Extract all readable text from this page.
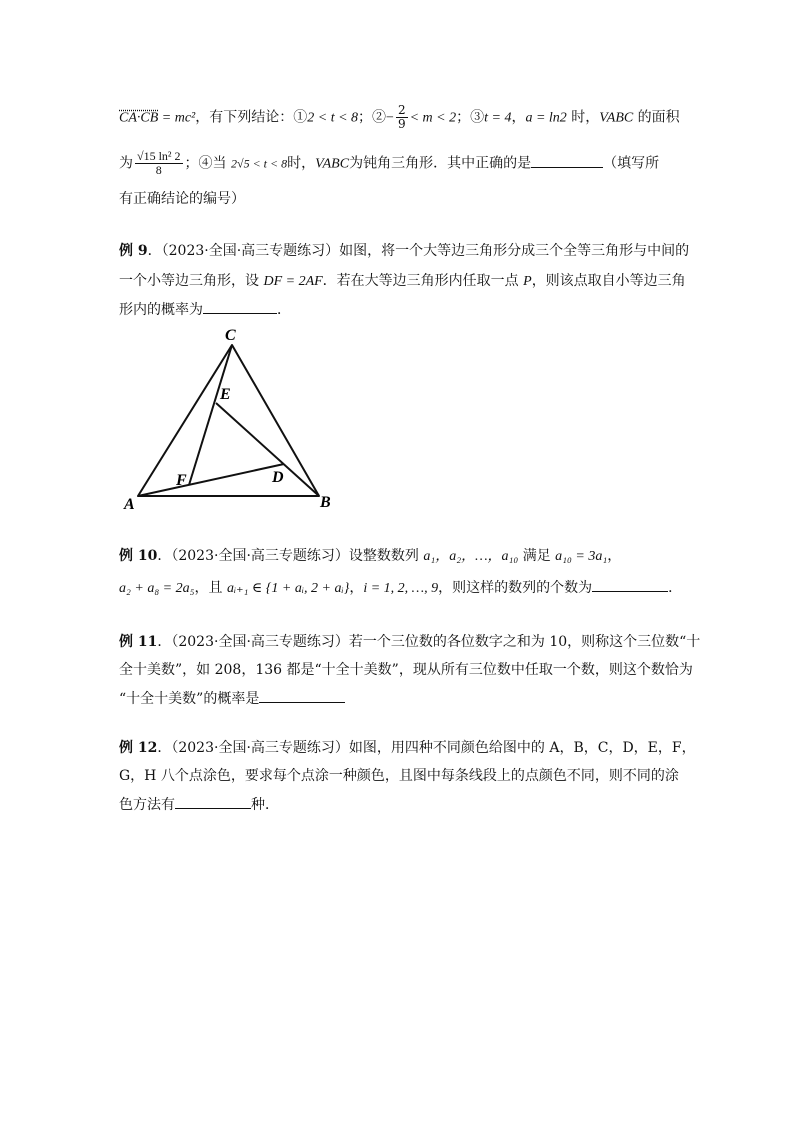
CA·CB = mc²，有下列结论：①2 < t < 8；②− $\frac{2}{9} < m < 2$；③t = 4，a = ln2 时，VABC 的面积
为 $\frac{\text{√15 ln² 2}}{8}$ ；④当 2√5 < t < 8时，VABC为钝角三角形．其中正确的是	（填写所
有正确结论的编号）
例 9．（2023·全国·高三专题练习）如图，将一个大等边三角形分成三个全等三角形与中间的
一个小等边三角形，设 DF = 2AF．若在大等边三角形内任取一点 P，则该点取自小等边三角
形内的概率为	．
C
E
F	D
A	B
例 10．（2023·全国·高三专题练习）设整数数列 a₁，a₂，…，a₁₀ 满足 a₁₀ = 3a₁，
a₂ + a₈ = 2a₅，且 aᵢ₊₁ ∈ {1 + aᵢ, 2 + aᵢ}，i = 1, 2, …, 9，则这样的数列的个数为	．
例 11．（2023·全国·高三专题练习）若一个三位数的各位数字之和为 10，则称这个三位数“十
全十美数”，如 208，136 都是“十全十美数”，现从所有三位数中任取一个数，则这个数恰为
“十全十美数”的概率是
例 12．（2023·全国·高三专题练习）如图，用四种不同颜色给图中的 A，B，C，D，E，F，
G，H 八个点涂色，要求每个点涂一种颜色，且图中每条线段上的点颜色不同，则不同的涂
色方法有	种．
